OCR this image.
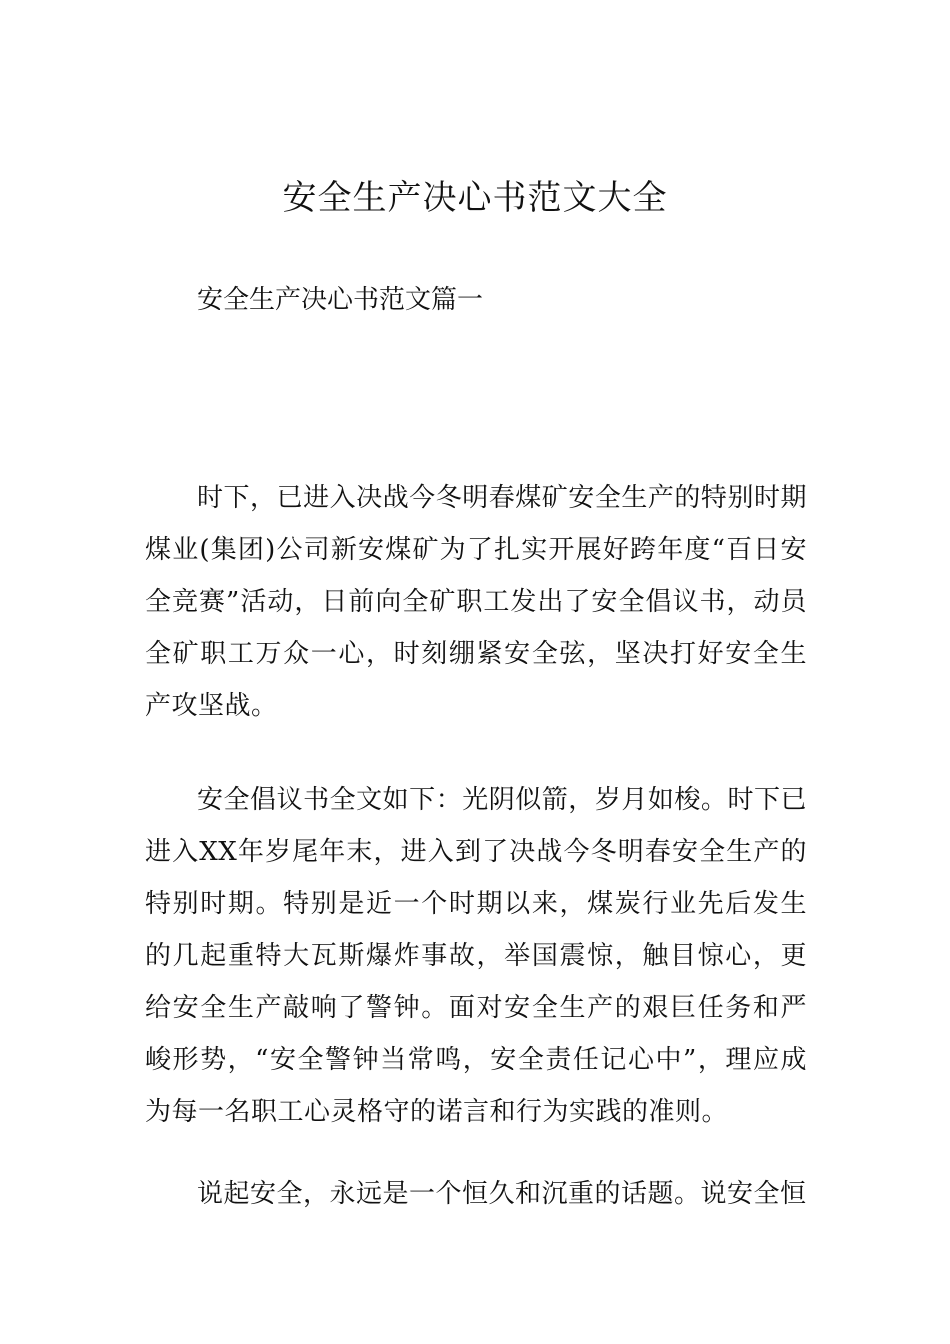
安全生产决心书范文大全

安全生产决心书范文篇一

时下，已进入决战今冬明春煤矿安全生产的特别时期煤业(集团)公司新安煤矿为了扎实开展好跨年度“百日安全竞赛”活动，日前向全矿职工发出了安全倡议书，动员全矿职工万众一心，时刻绷紧安全弦，坚决打好安全生产攻坚战。

安全倡议书全文如下：光阴似箭，岁月如梭。时下已进入XX年岁尾年末，进入到了决战今冬明春安全生产的特别时期。特别是近一个时期以来，煤炭行业先后发生的几起重特大瓦斯爆炸事故，举国震惊，触目惊心，更给安全生产敲响了警钟。面对安全生产的艰巨任务和严峻形势，“安全警钟当常鸣，安全责任记心中”，理应成为每一名职工心灵格守的诺言和行为实践的准则。

说起安全，永远是一个恒久和沉重的话题。说安全恒
